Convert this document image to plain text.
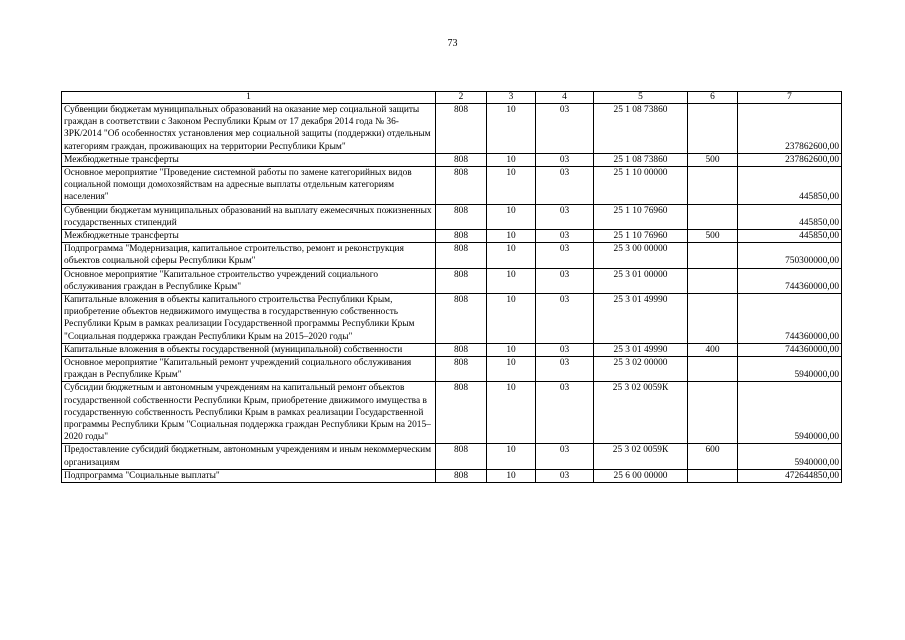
73
1	2	3	4	5	6	7
Субвенции бюджетам муниципальных образований на оказание мер социальной защиты граждан в соответствии с Законом Республики Крым от 17 декабря 2014 года № 36-ЗРК/2014 "Об особенностях установления мер социальной защиты (поддержки) отдельным категориям граждан, проживающих на территории Республики Крым"	808	10	03	25 1 08 73860		237862600,00
Межбюджетные трансферты	808	10	03	25 1 08 73860	500	237862600,00
Основное мероприятие "Проведение системной работы по замене категорийных видов социальной помощи домохозяйствам на адресные выплаты отдельным категориям населения"	808	10	03	25 1 10 00000		445850,00
Субвенции бюджетам муниципальных образований на выплату ежемесячных пожизненных государственных стипендий	808	10	03	25 1 10 76960		445850,00
Межбюджетные трансферты	808	10	03	25 1 10 76960	500	445850,00
Подпрограмма "Модернизация, капитальное строительство, ремонт и реконструкция объектов социальной сферы Республики Крым"	808	10	03	25 3 00 00000		750300000,00
Основное мероприятие "Капитальное строительство учреждений социального обслуживания граждан в Республике Крым"	808	10	03	25 3 01 00000		744360000,00
Капитальные вложения в объекты капитального строительства Республики Крым, приобретение объектов недвижимого имущества в государственную собственность Республики Крым в рамках реализации Государственной программы Республики Крым "Социальная поддержка граждан Республики Крым на 2015–2020 годы"	808	10	03	25 3 01 49990		744360000,00
Капитальные вложения в объекты государственной (муниципальной) собственности	808	10	03	25 3 01 49990	400	744360000,00
Основное мероприятие "Капитальный ремонт учреждений социального обслуживания граждан в Республике Крым"	808	10	03	25 3 02 00000		5940000,00
Субсидии бюджетным и автономным учреждениям на капитальный ремонт объектов государственной собственности Республики Крым, приобретение движимого имущества в государственную собственность Республики Крым в рамках реализации Государственной программы Республики Крым "Социальная поддержка граждан Республики Крым на 2015–2020 годы"	808	10	03	25 3 02 0059К		5940000,00
Предоставление субсидий бюджетным, автономным учреждениям и иным некоммерческим организациям	808	10	03	25 3 02 0059К	600	5940000,00
Подпрограмма "Социальные выплаты"	808	10	03	25 6 00 00000		472644850,00
